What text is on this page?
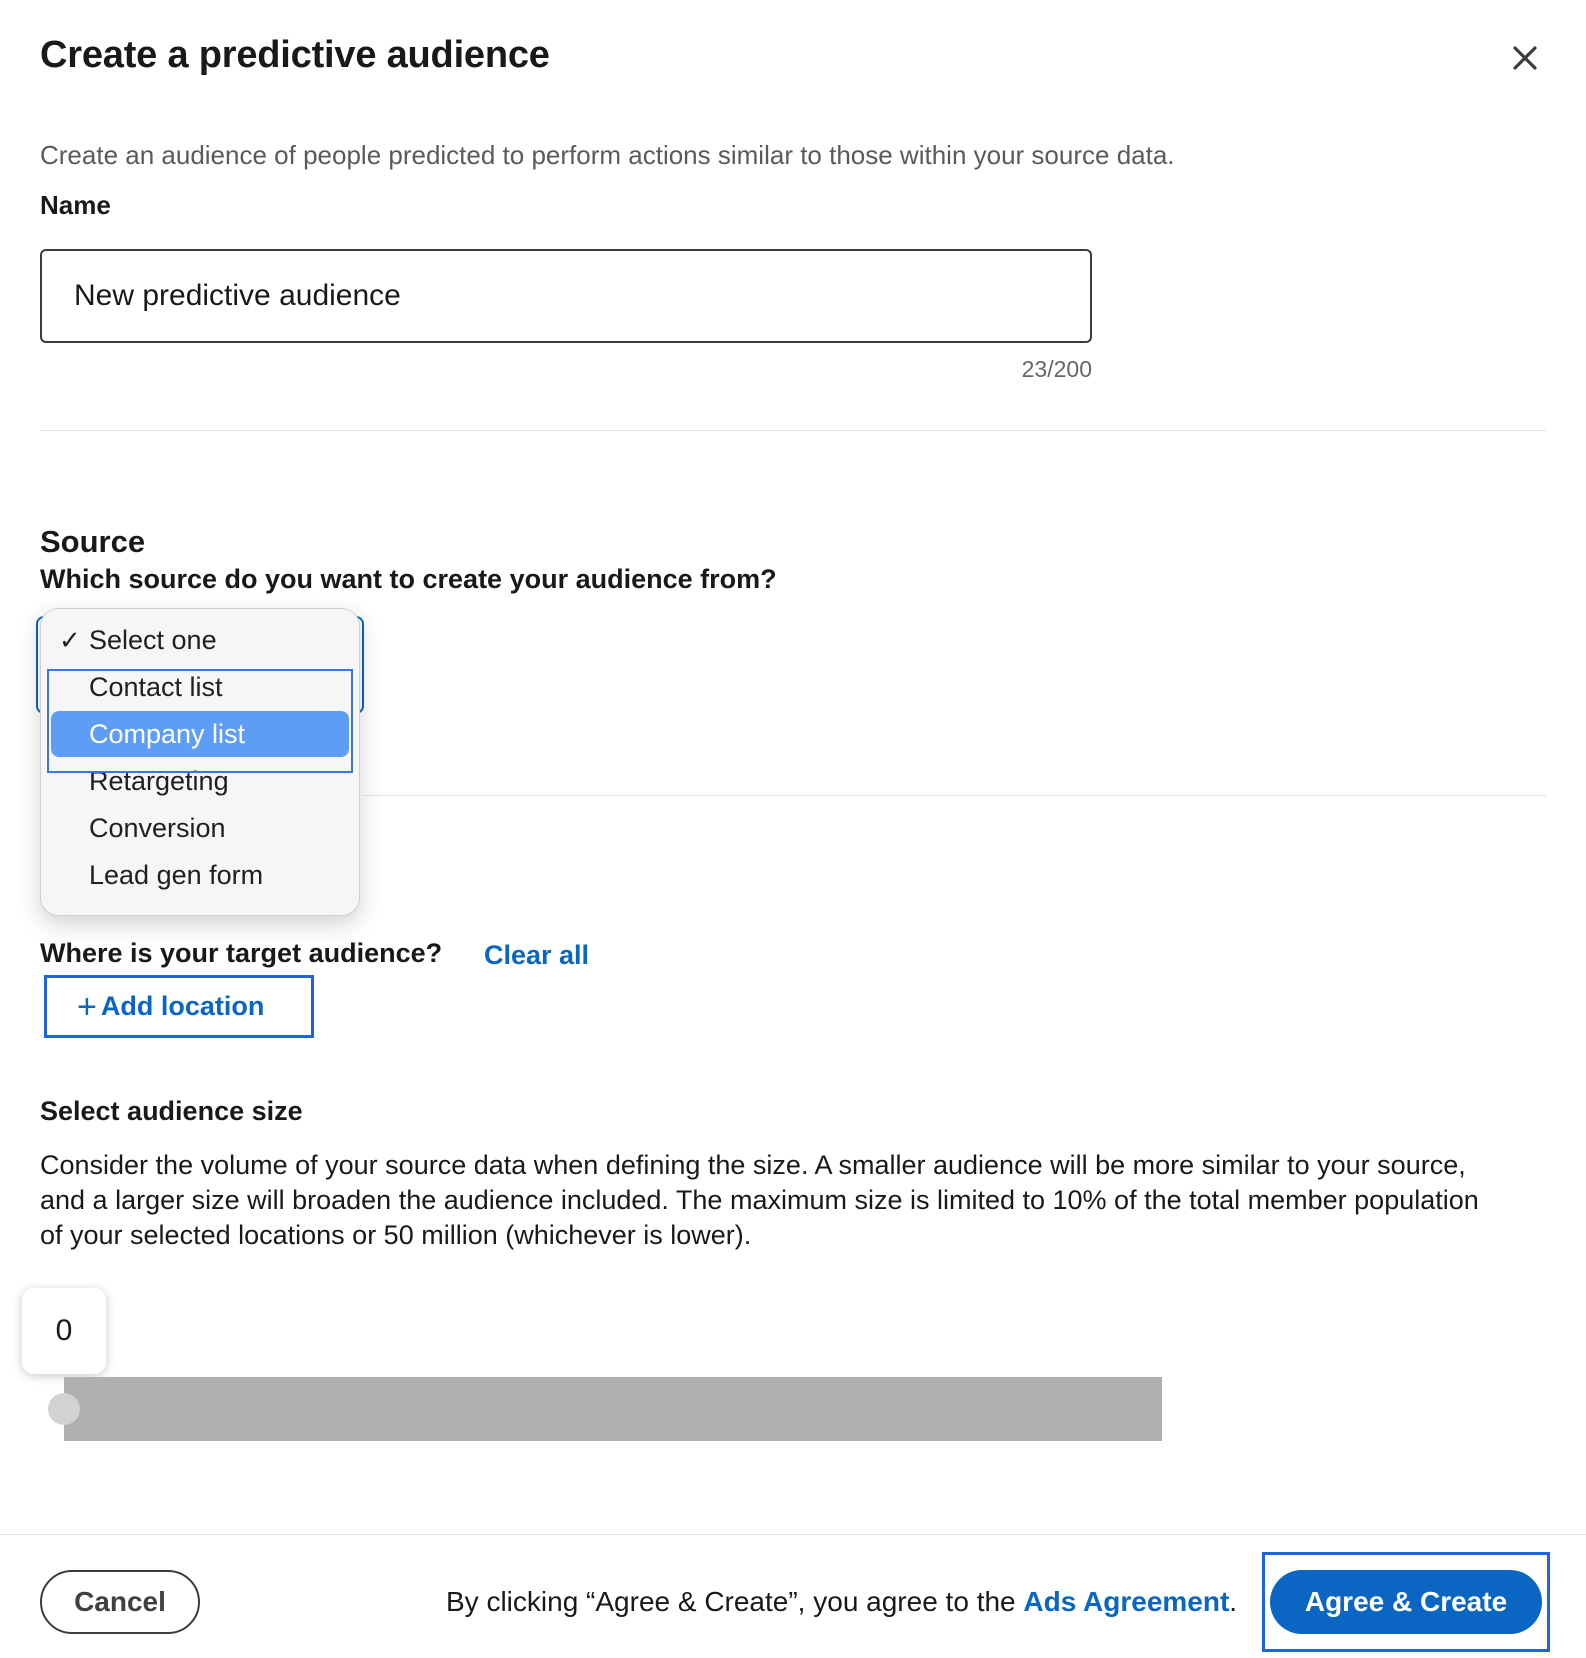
Create a predictive audience
Create an audience of people predicted to perform actions similar to those within your source data.
Name
New predictive audience
23/200
Source
Which source do you want to create your audience from?
Where is your target audience? Clear all
+ Add location
Select audience size
Consider the volume of your source data when defining the size. A smaller audience will be more similar to your source, and a larger size will broaden the audience included. The maximum size is limited to 10% of the total member population of your selected locations or 50 million (whichever is lower).
0
✓ Select one
Contact list
Company list
Retargeting
Conversion
Lead gen form
Cancel	By clicking “Agree & Create”, you agree to the Ads Agreement.	Agree & Create
